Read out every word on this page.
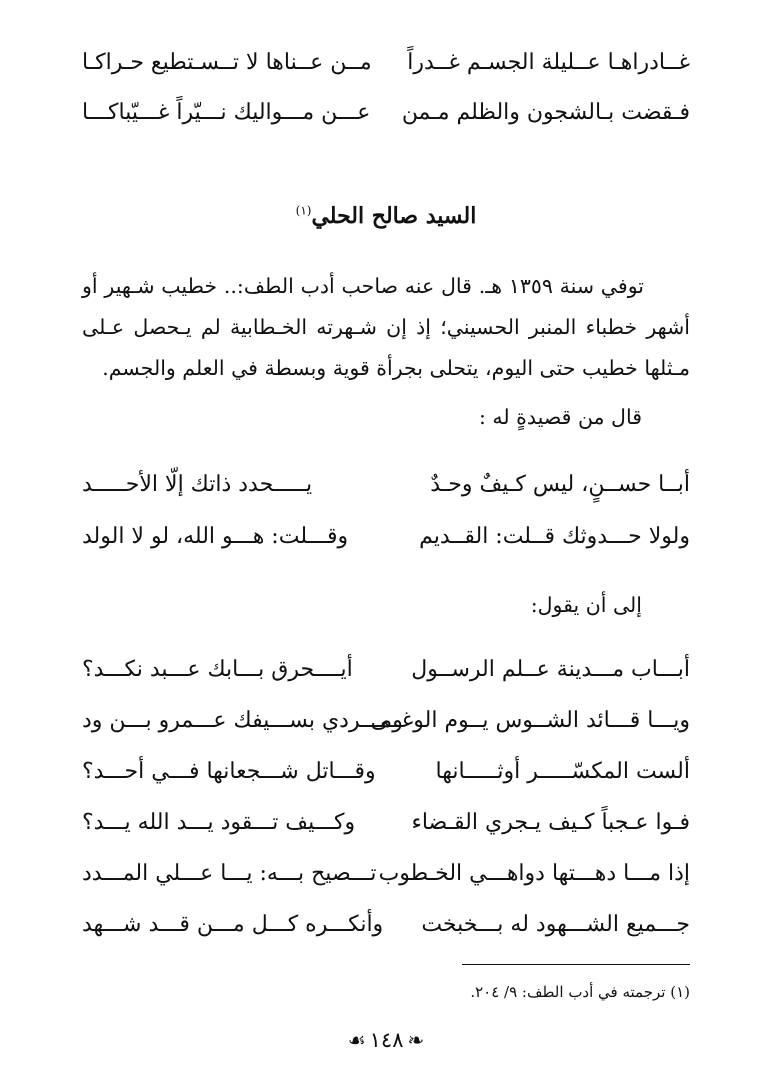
غــادراهـا عــليلة الجسـم غــدراً
مــن عــناها لا تــسـتطيع حـراكـا
فـقضت بـالشجون والظلم مـمن
عـــن مـــواليك نـــيّراً غـــيّباكـــا
السيد صالح الحلي$^{(١)}$

توفي سنة ١٣٥٩ هـ. قال عنه صاحب أدب الطف:.. خطيب شـهير أو أشهر خطباء المنبر الحسيني؛ إذ إن شـهرته الخـطابية لم يـحصل عـلى مـثلها خطيب حتى اليوم، يتحلى بجرأة قوية وبسطة في العلم والجسم.

قال من قصيدةٍ له :
أبــا حســنٍ، ليس كـيفٌ وحـدٌ
يـــــحدد ذاتك إلّا الأحـــــد
ولولا حـــدوثك قــلت: القــديم
وقـــلت: هـــو الله، لو لا الولد
إلى أن يقول:
أبـــاب مـــدينة عــلم الرســول
أيــــحرق بـــابك عـــبد نكـــد؟
ويـــا قـــائد الشــوس يــوم الوغــى
ومـــردي بســـيفك عـــمرو بـــن ود
ألست المكسّـــــر أوثـــــانها
وقـــاتل شـــجعانها فـــي أحـــد؟
فـوا عـجباً كـيف يـجري القـضاء
وكـــيف تـــقود يـــد الله يـــد؟
إذا مـــا دهـــتها دواهـــي الخـطوب
تـــصيح بـــه: يـــا عـــلي المـــدد
جـــميع الشـــهود له بـــخبخت
وأنكـــره كـــل مـــن قـــد شـــهد
(١) ترجمته في أدب الطف: ٩/ ٢٠٤.
❧١٤٨☙
